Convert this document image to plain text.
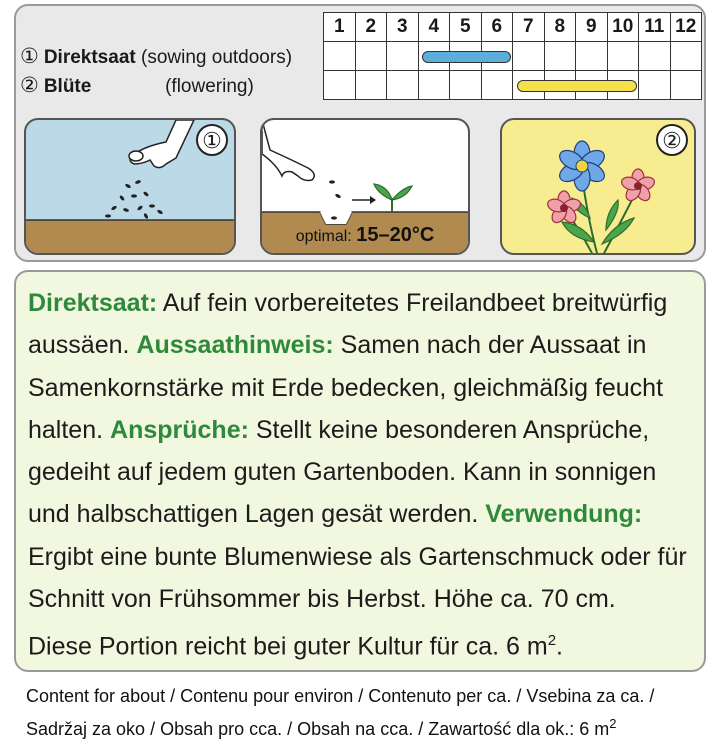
	1	2	3	4	5	6	7	8	9	10	11	12
① Direktsaat (sowing outdoors)												
② Blüte (flowering)												
①
optimal: 15–20°C
②
Direktsaat: Auf fein vorbereitetes Freilandbeet breitwürfig aussäen. Aussaathinweis: Samen nach der Aussaat in Samenkornstärke mit Erde bedecken, gleichmäßig feucht halten. Ansprüche: Stellt keine besonderen Ansprüche, gedeiht auf jedem guten Gartenboden. Kann in sonnigen und halbschattigen Lagen gesät werden. Verwendung: Ergibt eine bunte Blumenwiese als Gartenschmuck oder für Schnitt von Frühsommer bis Herbst. Höhe ca. 70 cm.
Diese Portion reicht bei guter Kultur für ca. 6 $m^2$.
Content for about / Contenu pour environ / Contenuto per ca. / Vsebina za ca. /
Sadržaj za oko / Obsah pro cca. / Obsah na cca. / Zawartość dla ok.: 6 $m^2$
